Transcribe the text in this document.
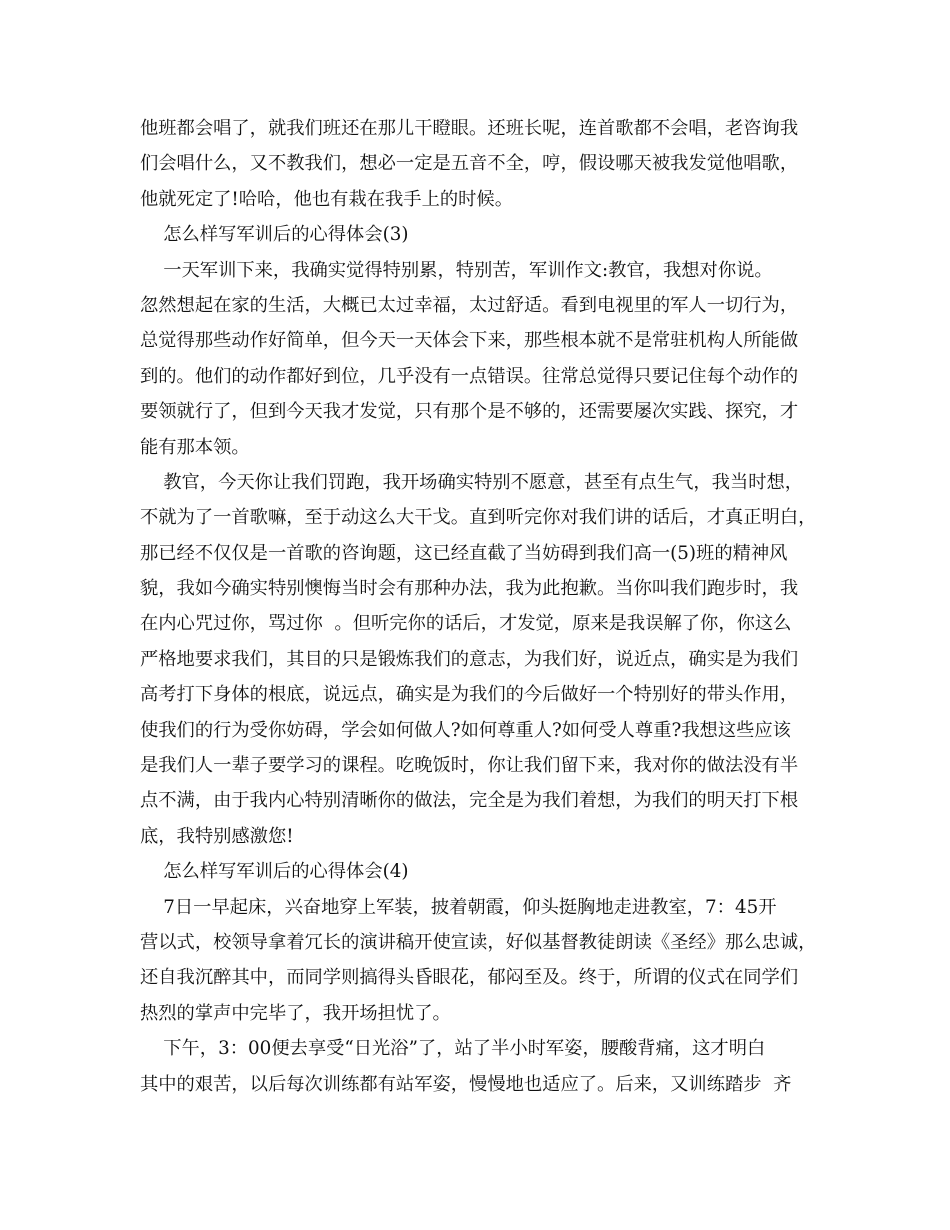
他班都会唱了，就我们班还在那儿干瞪眼。还班长呢，连首歌都不会唱，老咨询我
们会唱什么，又不教我们，想必一定是五音不全，哼，假设哪天被我发觉他唱歌，
他就死定了!哈哈，他也有栽在我手上的时候。
怎么样写军训后的心得体会(3)
一天军训下来，我确实觉得特别累，特别苦，军训作文:教官，我想对你说。
忽然想起在家的生活，大概已太过幸福，太过舒适。看到电视里的军人一切行为，
总觉得那些动作好简单，但今天一天体会下来，那些根本就不是常驻机构人所能做
到的。他们的动作都好到位，几乎没有一点错误。往常总觉得只要记住每个动作的
要领就行了，但到今天我才发觉，只有那个是不够的，还需要屡次实践、探究，才
能有那本领。
教官，今天你让我们罚跑，我开场确实特别不愿意，甚至有点生气，我当时想，
不就为了一首歌嘛，至于动这么大干戈。直到听完你对我们讲的话后，才真正明白，
那已经不仅仅是一首歌的咨询题，这已经直截了当妨碍到我们高一(5)班的精神风
貌，我如今确实特别懊悔当时会有那种办法，我为此抱歉。当你叫我们跑步时，我
在内心咒过你，骂过你  。但听完你的话后，才发觉，原来是我误解了你，你这么
严格地要求我们，其目的只是锻炼我们的意志，为我们好，说近点，确实是为我们
高考打下身体的根底，说远点，确实是为我们的今后做好一个特别好的带头作用，
使我们的行为受你妨碍，学会如何做人?如何尊重人?如何受人尊重?我想这些应该
是我们人一辈子要学习的课程。吃晚饭时，你让我们留下来，我对你的做法没有半
点不满，由于我内心特别清晰你的做法，完全是为我们着想，为我们的明天打下根
底，我特别感激您!
怎么样写军训后的心得体会(4)
7日一早起床，兴奋地穿上军装，披着朝霞，仰头挺胸地走进教室，7：45开
营以式，校领导拿着冗长的演讲稿开使宣读，好似基督教徒朗读《圣经》那么忠诚，
还自我沉醉其中，而同学则搞得头昏眼花，郁闷至及。终于，所谓的仪式在同学们
热烈的掌声中完毕了，我开场担忧了。
下午，3：00便去享受“日光浴”了，站了半小时军姿，腰酸背痛，这才明白
其中的艰苦，以后每次训练都有站军姿，慢慢地也适应了。后来，又训练踏步  齐
